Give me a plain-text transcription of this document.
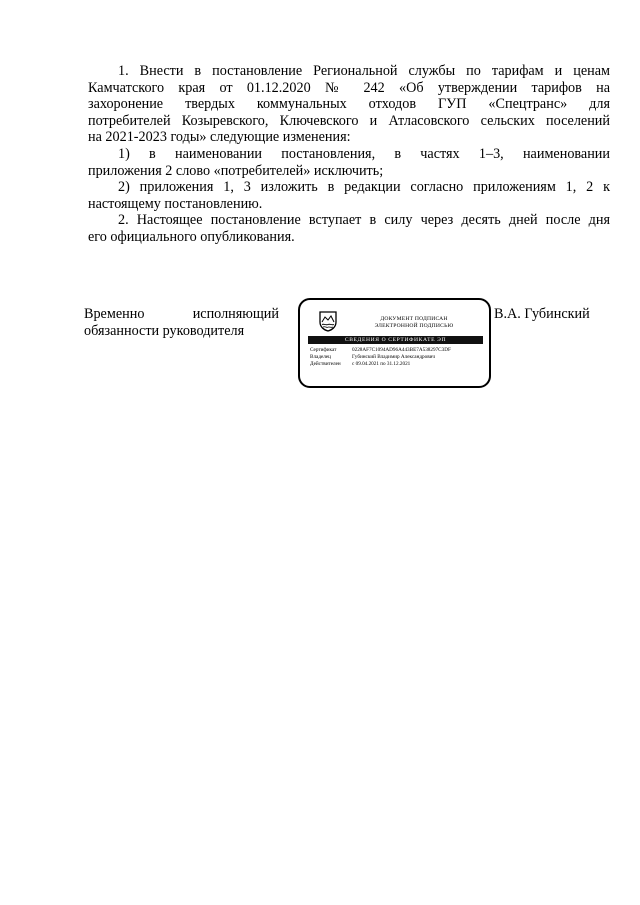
1. Внести в постановление Региональной службы по тарифам и ценам
Камчатского края от 01.12.2020 № 242 «Об утверждении тарифов на
захоронение твердых коммунальных отходов ГУП «Спецтранс» для
потребителей Козыревского, Ключевского и Атласовского сельских поселений
на 2021-2023 годы» следующие изменения:

1) в наименовании постановления, в частях 1–3, наименовании
приложения 2 слово «потребителей» исключить;

2) приложения 1, 3 изложить в редакции согласно приложениям 1, 2 к
настоящему постановлению.

2. Настоящее постановление вступает в силу через десять дней после дня
его официального опубликования.

Временно исполняющий
обязанности руководителя
ДОКУМЕНТ ПОДПИСАН
ЭЛЕКТРОННОЙ ПОДПИСЬЮ
СВЕДЕНИЯ О СЕРТИФИКАТЕ ЭП
Сертификат	0228AF7C1094AD96A443BE7A538297C3DF
Владелец	Губинский Владимир Александрович
Действителен с 09.04.2021 по 31.12.2021
В.А. Губинский
